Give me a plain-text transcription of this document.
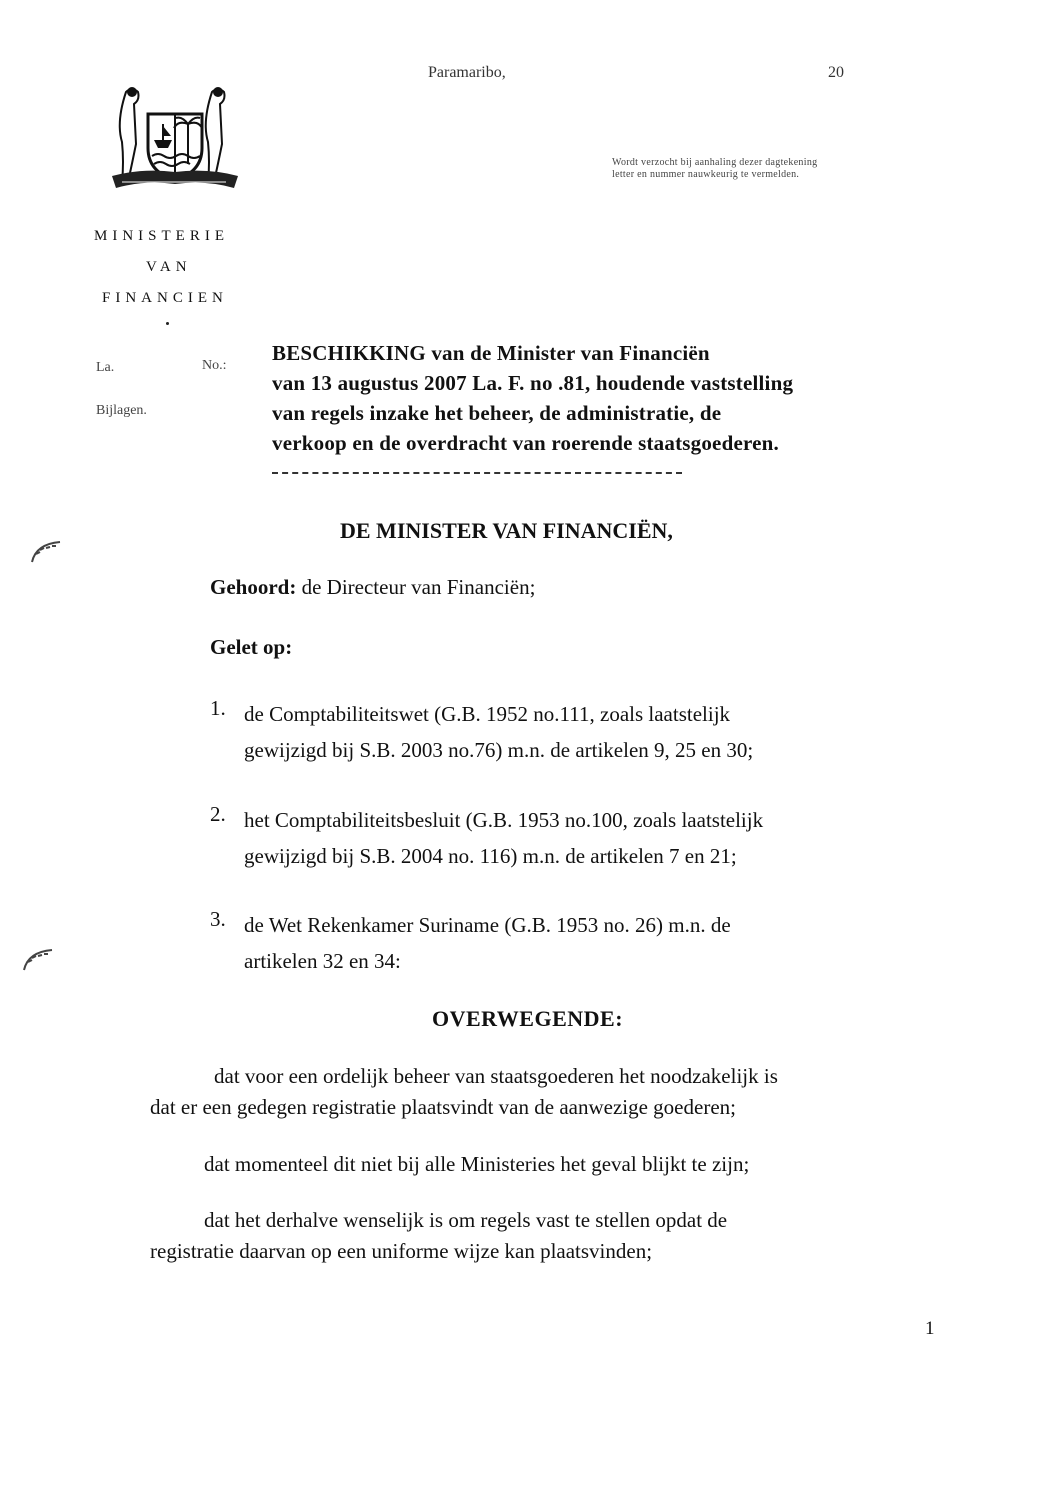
Paramaribo,	20
Wordt verzocht bij aanhaling dezer dagtekening
letter en nummer nauwkeurig te vermelden.
MINISTERIE
VAN
FINANCIEN
La.	No.:
Bijlagen.
BESCHIKKING van de Minister van Financiën
van 13 augustus 2007 La. F. no .81, houdende vaststelling
van regels inzake het beheer, de administratie, de
verkoop en de overdracht van roerende staatsgoederen.
DE MINISTER VAN FINANCIËN,
Gehoord: de Directeur van Financiën;
Gelet op:
1. de Comptabiliteitswet (G.B. 1952 no.111, zoals laatstelijk
gewijzigd bij S.B. 2003 no.76) m.n. de artikelen 9, 25 en 30;
2. het Comptabiliteitsbesluit (G.B. 1953 no.100, zoals laatstelijk
gewijzigd bij S.B. 2004 no. 116) m.n. de artikelen 7 en 21;
3. de Wet Rekenkamer Suriname (G.B. 1953 no. 26) m.n. de
artikelen 32 en 34:
OVERWEGENDE:
dat voor een ordelijk beheer van staatsgoederen het noodzakelijk is
dat er een gedegen registratie plaatsvindt van de aanwezige goederen;
dat momenteel dit niet bij alle Ministeries het geval blijkt te zijn;
dat het derhalve wenselijk is om regels vast te stellen opdat de
registratie daarvan op een uniforme wijze kan plaatsvinden;
1
